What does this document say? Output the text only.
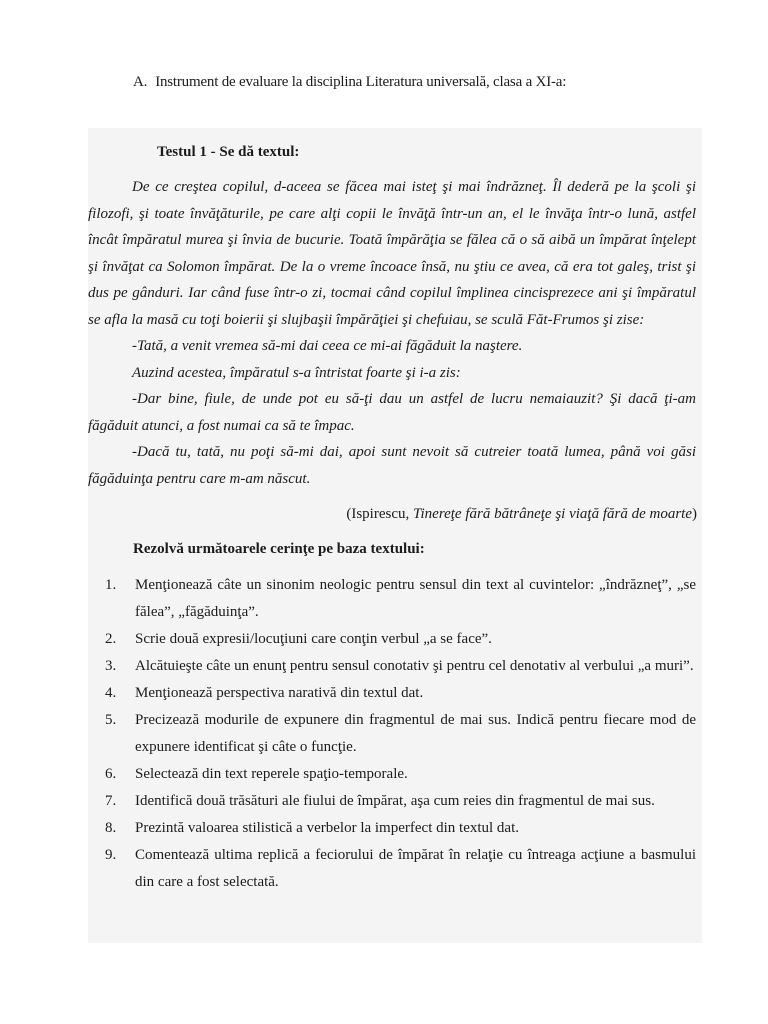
A. Instrument de evaluare la disciplina Literatura universală, clasa a XI-a:
Testul 1 - Se dă textul:

De ce creştea copilul, d-aceea se făcea mai isteţ şi mai îndrăzneţ. Îl dederă pe la şcoli şi filozofi, şi toate învăţăturile, pe care alţi copii le învăţă într-un an, el le învăţa într-o lună, astfel încât împăratul murea şi învia de bucurie. Toată împărăţia se fălea că o să aibă un împărat înţelept şi învăţat ca Solomon împărat. De la o vreme încoace însă, nu ştiu ce avea, că era tot galeş, trist şi dus pe gânduri. Iar când fuse într-o zi, tocmai când copilul împlinea cincisprezece ani şi împăratul se afla la masă cu toţi boierii şi slujbaşii împărăţiei şi chefuiau, se sculă Făt-Frumos şi zise:

-Tată, a venit vremea să-mi dai ceea ce mi-ai făgăduit la naştere.

Auzind acestea, împăratul s-a întristat foarte şi i-a zis:

-Dar bine, fiule, de unde pot eu să-ţi dau un astfel de lucru nemaiauzit? Şi dacă ţi-am făgăduit atunci, a fost numai ca să te împac.

-Dacă tu, tată, nu poţi să-mi dai, apoi sunt nevoit să cutreier toată lumea, până voi găsi făgăduinţa pentru care m-am născut.

(Ispirescu, Tinereţe fără bătrâneţe şi viaţă fără de moarte)
Rezolvă următoarele cerinţe pe baza textului:
1.	Menţionează câte un sinonim neologic pentru sensul din text al cuvintelor: „îndrăzneţ”, „se fălea”, „făgăduinţa”.
2.	Scrie două expresii/locuţiuni care conţin verbul „a se face”.
3.	Alcătuieşte câte un enunţ pentru sensul conotativ şi pentru cel denotativ al verbului „a muri”.
4.	Menţionează perspectiva narativă din textul dat.
5.	Precizează modurile de expunere din fragmentul de mai sus. Indică pentru fiecare mod de expunere identificat şi câte o funcţie.
6.	Selectează din text reperele spaţio-temporale.
7.	Identifică două trăsături ale fiului de împărat, aşa cum reies din fragmentul de mai sus.
8.	Prezintă valoarea stilistică a verbelor la imperfect din textul dat.
9.	Comentează ultima replică a feciorului de împărat în relaţie cu întreaga acţiune a basmului din care a fost selectată.
